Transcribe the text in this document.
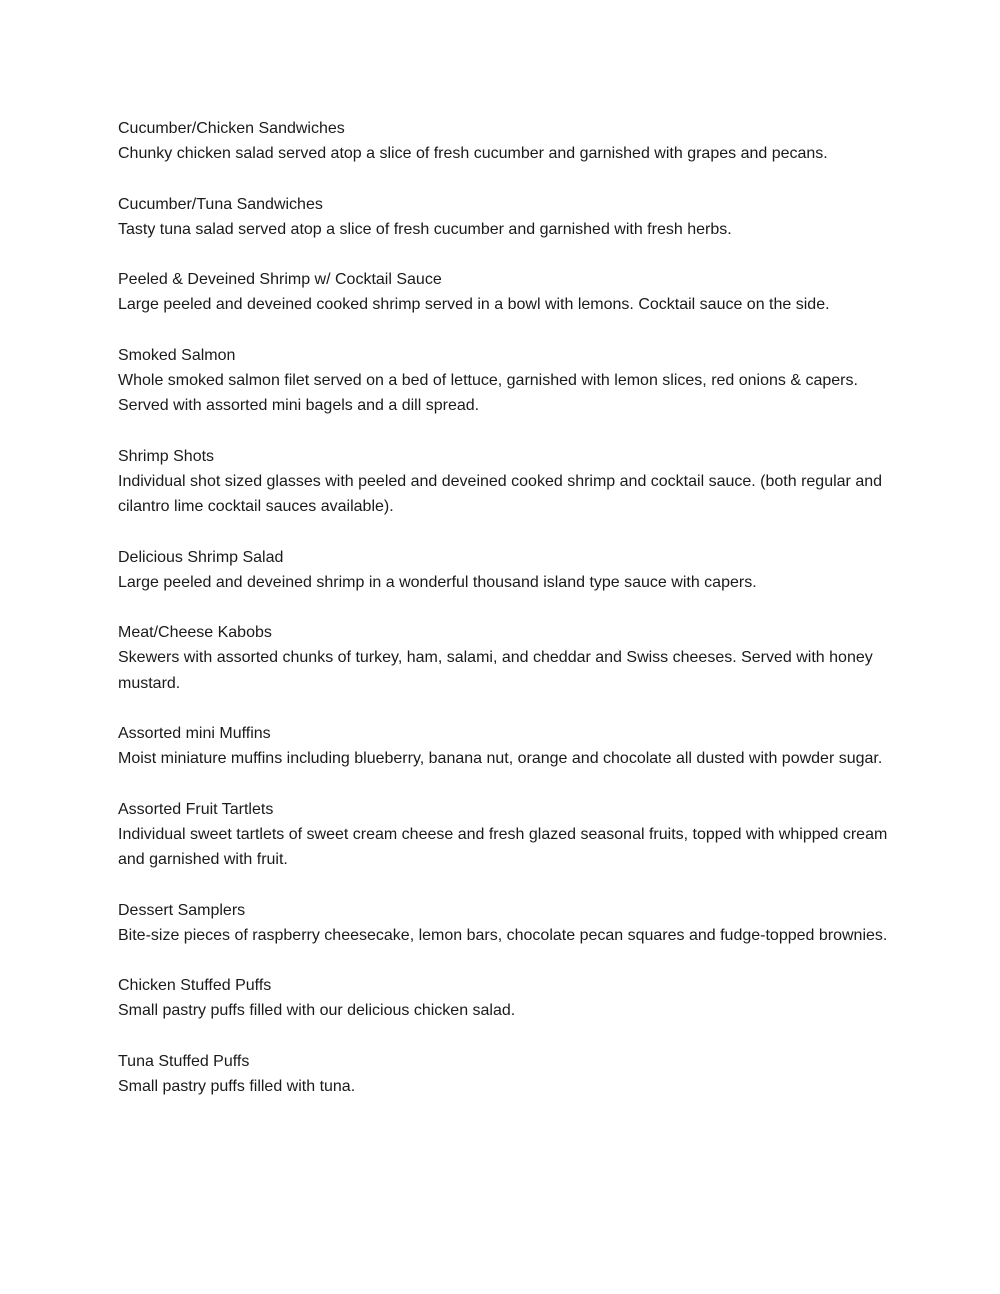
Cucumber/Chicken Sandwiches

Chunky chicken salad served atop a slice of fresh cucumber and garnished with grapes and pecans.

Cucumber/Tuna Sandwiches

Tasty tuna salad served atop a slice of fresh cucumber and garnished with fresh herbs.

Peeled & Deveined Shrimp w/ Cocktail Sauce

Large peeled and deveined cooked shrimp served in a bowl with lemons. Cocktail sauce on the side.

Smoked Salmon

Whole smoked salmon filet served on a bed of lettuce, garnished with lemon slices, red onions & capers. Served with assorted mini bagels and a dill spread.

Shrimp Shots

Individual shot sized glasses with peeled and deveined cooked shrimp and cocktail sauce. (both regular and cilantro lime cocktail sauces available).

Delicious Shrimp Salad

Large peeled and deveined shrimp in a wonderful thousand island type sauce with capers.

Meat/Cheese Kabobs

Skewers with assorted chunks of turkey, ham, salami, and cheddar and Swiss cheeses. Served with honey mustard.

Assorted mini Muffins

Moist miniature muffins including blueberry, banana nut, orange and chocolate all dusted with powder sugar.

Assorted Fruit Tartlets

Individual sweet tartlets of sweet cream cheese and fresh glazed seasonal fruits, topped with whipped cream and garnished with fruit.

Dessert Samplers

Bite-size pieces of raspberry cheesecake, lemon bars, chocolate pecan squares and fudge-topped brownies.

Chicken Stuffed Puffs

Small pastry puffs filled with our delicious chicken salad.

Tuna Stuffed Puffs

Small pastry puffs filled with tuna.
